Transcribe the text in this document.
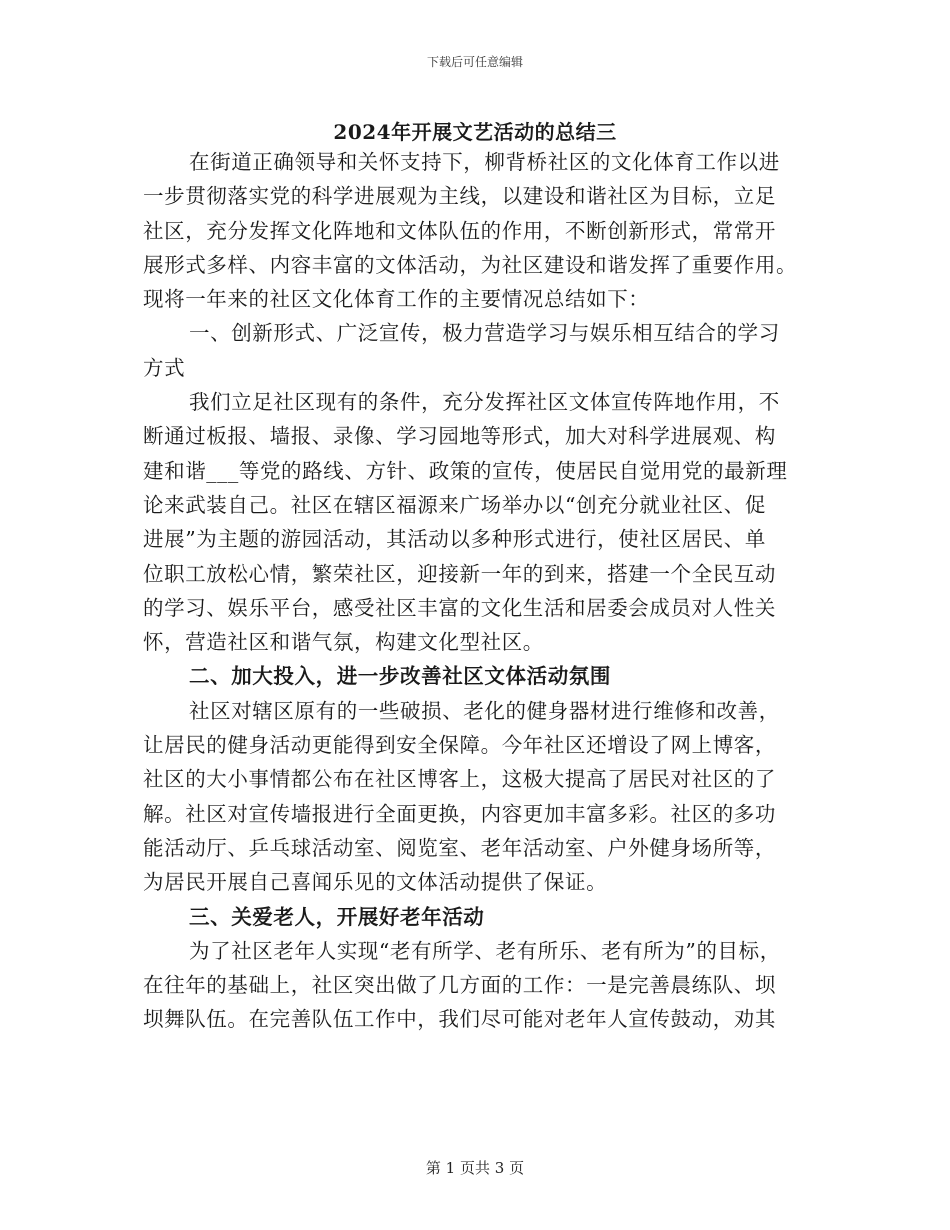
下载后可任意编辑
2024年开展文艺活动的总结三
在街道正确领导和关怀支持下，柳背桥社区的文化体育工作以进
一步贯彻落实党的科学进展观为主线，以建设和谐社区为目标，立足
社区，充分发挥文化阵地和文体队伍的作用，不断创新形式，常常开
展形式多样、内容丰富的文体活动，为社区建设和谐发挥了重要作用。
现将一年来的社区文化体育工作的主要情况总结如下：
一、创新形式、广泛宣传，极力营造学习与娱乐相互结合的学习
方式
我们立足社区现有的条件，充分发挥社区文体宣传阵地作用，不
断通过板报、墙报、录像、学习园地等形式，加大对科学进展观、构
建和谐___等党的路线、方针、政策的宣传，使居民自觉用党的最新理
论来武装自己。社区在辖区福源来广场举办以“创充分就业社区、促
进展”为主题的游园活动，其活动以多种形式进行，使社区居民、单
位职工放松心情，繁荣社区，迎接新一年的到来，搭建一个全民互动
的学习、娱乐平台，感受社区丰富的文化生活和居委会成员对人性关
怀，营造社区和谐气氛，构建文化型社区。
二、加大投入，进一步改善社区文体活动氛围
社区对辖区原有的一些破损、老化的健身器材进行维修和改善，
让居民的健身活动更能得到安全保障。今年社区还增设了网上博客，
社区的大小事情都公布在社区博客上，这极大提高了居民对社区的了
解。社区对宣传墙报进行全面更换，内容更加丰富多彩。社区的多功
能活动厅、乒乓球活动室、阅览室、老年活动室、户外健身场所等，
为居民开展自己喜闻乐见的文体活动提供了保证。
三、关爱老人，开展好老年活动
为了社区老年人实现“老有所学、老有所乐、老有所为”的目标，
在往年的基础上，社区突出做了几方面的工作：一是完善晨练队、坝
坝舞队伍。在完善队伍工作中，我们尽可能对老年人宣传鼓动，劝其
第 1 页共 3 页
